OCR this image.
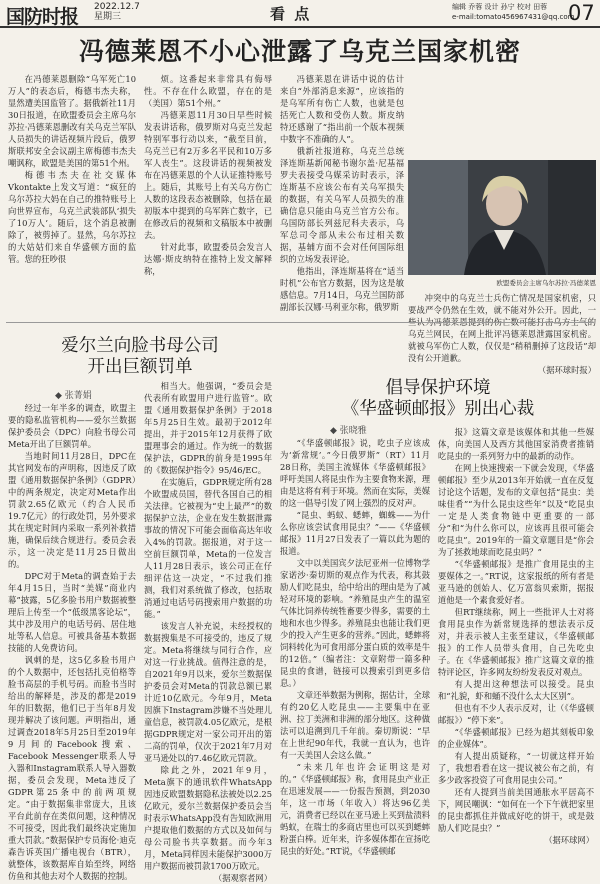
国防时报 2022.12.7
星期三	看 点	编辑 乔蓉 设计 孙宁 校对 田蓉
e-mail:tomato456967431@qq.com
07
冯德莱恩不小心泄露了乌克兰国家机密

在冯德莱恩删除“乌军死亡10万人”的表态后，梅德韦杰夫称，显然遭美国监管了。据俄新社11月30日报道，在欧盟委员会主席乌尔苏拉·冯德莱恩删改有关乌克兰军队人员损失的讲话视频片段后，俄罗斯联邦安全会议副主席梅德韦杰夫嘲讽称，欧盟是美国的第51个州。

梅德韦杰夫在社交媒体Vkontakte上发文写道：“疯狂的乌尔苏拉大妈在自己的推特账号上向世界宣布，乌克兰武装部队‘损失了10万人’。随后，这个消息被删除了，被剪掉了。显然，乌尔苏拉的大姑姑们来自华盛顿方面的监管。您的狂吵很

烦。这番起来非常具有侮辱性。不存在什么欧盟，存在的是（美国）第51个州。”

冯德莱恩11月30日早些时候发表讲话称，俄罗斯对乌克兰发起特别军事行动以来，“截至目前，乌克兰已有2万多名平民和10万多军人丧生”。这段讲话的视频被发布在冯德莱恩的个人认证推特账号上。随后，其账号上有关乌方伤亡人数的这段表态被删除，包括在最初版本中提到的乌军阵亡数字，已在修改后的视频和文稿版本中被删去。

针对此事，欧盟委员会发言人达娜·斯皮纳特在推特上发文解释称，

冯德莱恩在讲话中说的估计来自“外部消息来源”，应该指的是乌军所有伤亡人数，也就是包括死亡人数和受伤人数。斯皮纳特还感谢了“指出前一个版本视频中数字不准确的人”。

俄新社报道称，乌克兰总统泽连斯基新闻秘书谢尔盖·尼基福罗夫表接受乌媒采访时表示，泽连斯基不应该公布有关乌军损失的数据，有关乌军人员损失的准确信息只能由乌克兰官方公布。乌国防部长列兹尼科夫表示，乌军总司令部从未公布过相关数据，基辅方面不会对任何国际组织的立场发表评论。

他指出，泽连斯基将在“适当时机”公布官方数据，因为这是敏感信息。7月14日，乌克兰国防部副部长汉娜·马利亚尔称，俄罗斯

欧盟委员会主席乌尔苏拉·冯德莱恩

冲突中的乌克兰士兵伤亡情况是国家机密，只要战严令仍然在生效，就不能对外公开。因此，一些认为冯德莱恩提到的伤亡数可能打击乌方士气的乌克兰网民，在网上批评冯德莱恩泄露国家机密。就被乌军伤亡人数，仅仅是“稍稍删掉了这段话”却没有公开道歉。

（据环球时报）
爱尔兰向脸书母公司
开出巨额罚单
◆ 张菁娟

经过一年半多的调查，欧盟主要的隐私监管机构——爱尔兰数据保护委员会（DPC）向脸书母公司Meta开出了巨额罚单。

当地时间11月28日，DPC在其官网发布的声明称，因违反了欧盟《通用数据保护条例》（GDPR）中的两条规定，决定对Meta作出罚款2.65亿欧元（约合人民币19.7亿元）的行政处罚，另外要求其在规定时间内采取一系列补救措施，确保后续合规进行。委员会表示，这一决定是11月25日做出的。

DPC对于Meta的调查始于去年4月15日，当时“美媒”商业内幕”披露，5亿多脸书用户数据被整理后上传至一个“低级黑客论坛”，其中涉及用户的电话号码、居住地址等私人信息。可被具备基本数据技能的人免费访问。

讽刺的是，这5亿多脸书用户的个人数据中，还包括扎克伯格等脸书高层的手机号码。而脸书当时给出的解释是，涉及的都是2019年的旧数据，他们已于当年8月发现并解决了该问题。声明指出，通过调查2018年5月25日至2019年9月间的Facebook搜索、Facebook Messenger联系人导入器和Instagram联系人导入器数据，委员会发现，Meta违反了GDPR第25条中的前两项规定。“由于数据集非常庞大，且该平台此前存在类似问题，这种情况不可接受，因此我们最终决定施加重大罚款。”数据保护专员海伦·迪克森告诉英国广播电视台（BTR），就整体，该数据库自始至终，网络仿鱼和其他去对个人数据的控制。

相当大。他强调，“委员会是代表所有欧盟用户进行监管”。欧盟《通用数据保护条例》于2018年5月25日生效。最初于2012年提出，并于2015年12月获得了欧盟理事会的通过。作为统一的数据保护法，GDPR的前身是1995年的《数据保护指令》95/46/EC。

在实施后，GDPR规定所有28个欧盟成员国，替代各国自己的相关法律。它被视为“史上最严”的数据保护立法，企业在发生数据泄露事故的情况下可能会面临高达年收入4%的罚款。据报道，对于这一空前巨额罚单，Meta的一位发言人11月28日表示，该公司正在仔细评估这一决定，“不过我们推测，我们对系统做了修改，包括取消通过电话号码搜索用户数据的功能。”

该发言人补充说，未经授权的数据搜集是不可接受的，违反了规定。Meta将继续与同行合作，应对这一行业挑战。值得注意的是，自2021年9月以来，爱尔兰数据保护委员会对Meta的罚款总额已累计近10亿欧元。今年9月，Meta因旗下Instagram涉嫌不当处理儿童信息，被罚款4.05亿欧元，是根据GDPR规定对一家公司开出的第二高的罚单，仅次于2021年7月对亚马逊处以的7.46亿欧元罚款。

除此之外，2021年9月，Meta旗下的通讯软件WhatsApp因违反欧盟数据隐私法被处以2.25亿欧元，爱尔兰数据保护委员会当时表示WhatsApp没有告知欧洲用户提取他们数据的方式以及如何与母公司脸书共享数据。而今年3月，Meta同样因未能保护3000万用户数据而被罚款1700万欧元。

（据观察者网）
倡导保护环境
《华盛顿邮报》别出心裁
◆ 张晓雅

“《华盛顿邮报》说，吃虫子应该成为‘新常规’。”今日俄罗斯”（RT）11月28日称，美国主流媒体《华盛顿邮报》呼吁美国人将昆虫作为主要食物来源，理由是这将有利于环境。然而在实际，美媒的这一倡导引发了网上强烈的反对声。

“昆虫、蚂蚁、蟋蟀，蜘蛛——为什么你应该尝试食用昆虫？”——《华盛顿邮报》11月27日发表了一篇以此为题的报道。

文中以美国宾夕法尼亚州一位博物学家诺沙·秦切斯的观点作为代表，称其鼓励人们吃昆虫，给中给出的理由是为了减轻对环境的影响。“养殖昆虫产生的温室气体比饲养传统牲畜要少得多，需要的土地和水也少得多。养殖昆虫也能让我们更少的投入产生更多的营养。”因此，蟋蟀将饲料转化为可食用部分蛋白质的效率是牛的12倍。”（编者注：文章附带一篇多种昆虫的食谱，链接可以搜索引到更多信息。）

文章还举数据为例称，据估计，全球有约20亿人吃昆虫——主要集中在亚洲、拉丁美洲和非洲的部分地区。这种做法可以追溯到几千年前。秦切斯说：“早在上世纪90年代，我就一直认为，也许有一天美国人会这么做。”

“未来几年也许会证明这是对的。”《华盛顿邮报》称，食用昆虫产业正在迅速发展——一份报告预测，到2030年，这一市场（年收入）将达96亿美元，消费者已经以在亚马逊上买到盐渍料蚂蚁，在瑞士的多商店里也可以买到蟋蟀粉蛋白棒。近年来，许多媒体都在宣扬吃昆虫的好处。”RT说，《华盛顿邮

报》这篇文章是该媒体和其他一些媒体，向美国人及西方其他国家消费者推销吃昆虫的一系列努力中的最新的动作。

在网上快速搜索一下就会发现，《华盛顿邮报》至少从2013年开始就一直在反复讨论这个话题，发布的文章包括“昆虫：美味佳肴”“为什么昆虫这些年”以及“吃昆虫一定是人类食物链中更重要的一部分”和“为什么你可以，应该再且很可能会吃昆虫”。2019年的一篇文章题目是“你会为了拯救地球而吃昆虫吗？”

“《华盛顿邮报》是推广食用昆虫的主要媒体之一。”RT说，这家报纸的所有者是亚马逊的创始人、亿万富翁贝索斯，据报道他是一个素食爱好者。

但RT继续称，网上一些批评人士对将食用昆虫作为新常规选择的想法表示反对，并表示被人主张至建议，《华盛顿邮报》的工作人员带头食用，自己先吃虫子。在《华盛顿邮报》推广这篇文章的推特评论区，许多网友纷纷发表反对观点。

有人提出这种想法可以接受。昆虫和“礼貌，虾和蛹不没什么太大区别”。

但也有不少人表示反对，让（《华盛顿邮报》）“停下来”。

“《华盛顿邮报》已经为超其刻板印象的企业媒体”。

有人提出质疑称，“一切就这样开始了，我想看看在这一提议被公布之前，有多少政客投资了可食用昆虫公司。”

还有人提到当前美国通胀水平居高不下，网民嘲讽：“如何在一个下午就把家里的昆虫都抓住并做成好吃的饼干，或是鼓励人们吃昆虫？”

（据环球网）
